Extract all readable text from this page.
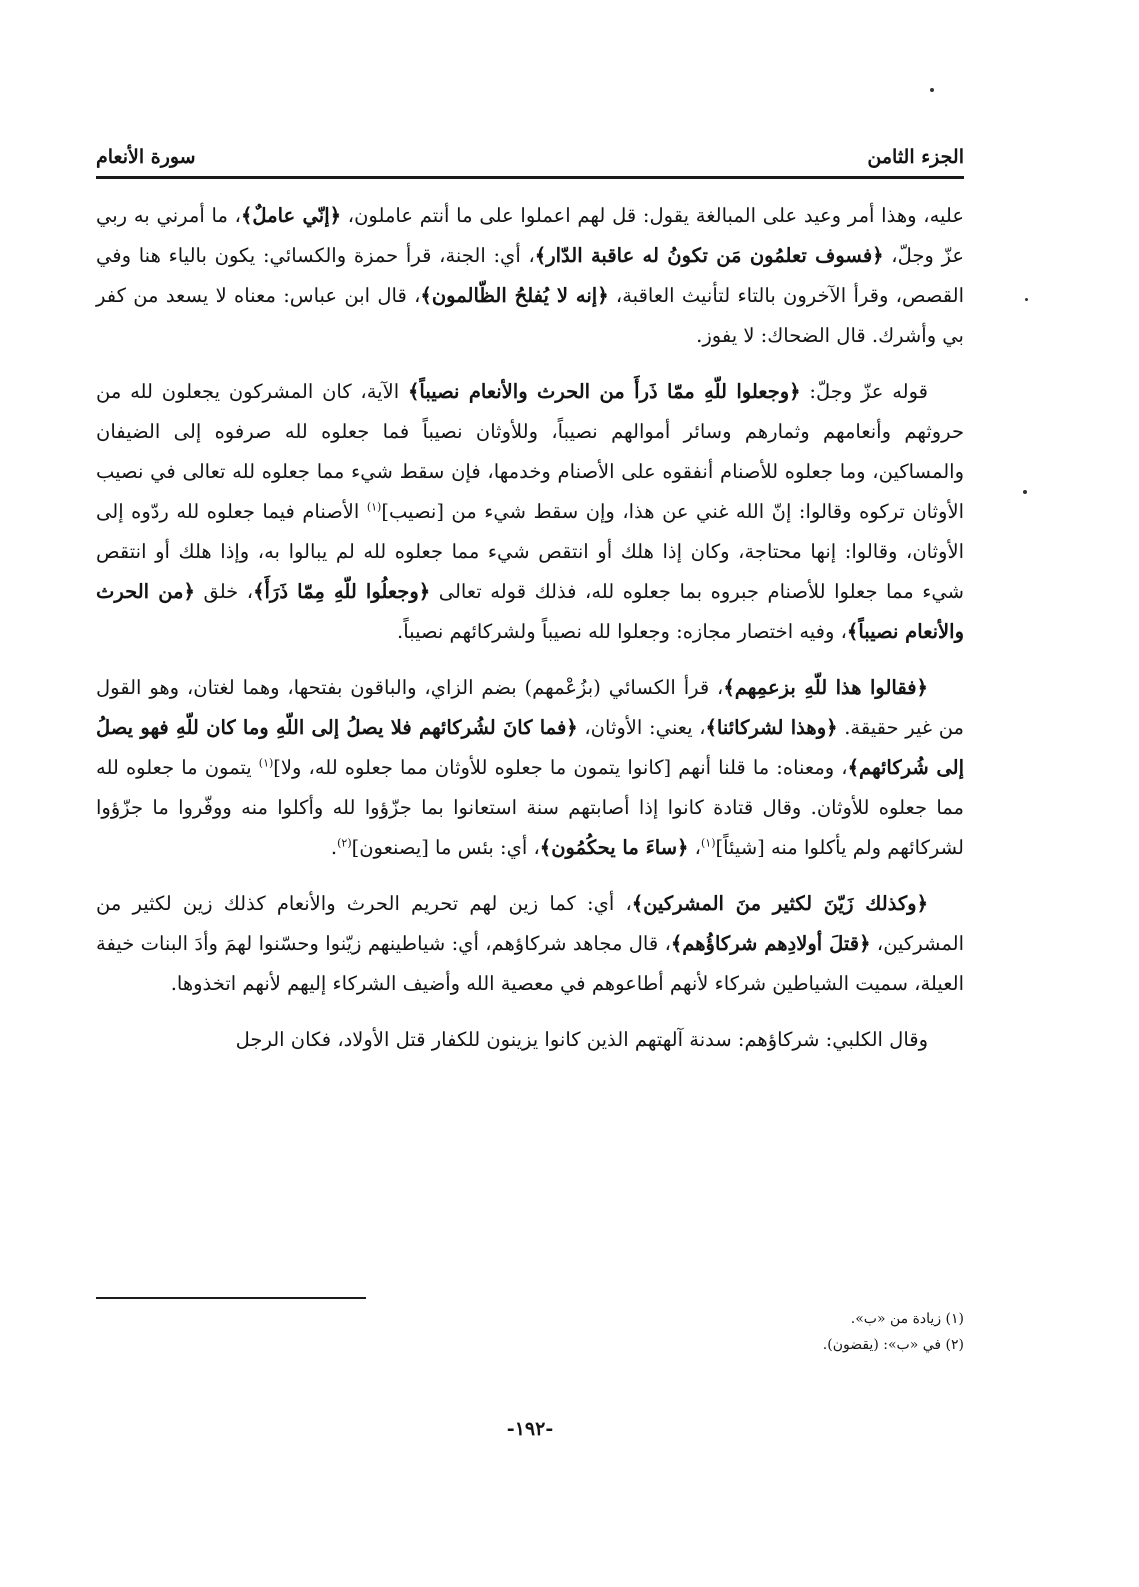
الجزء الثامن
سورة الأنعام

عليه، وهذا أمر وعيد على المبالغة يقول: قل لهم اعملوا على ما أنتم عاملون، ﴿إنّي عاملٌ﴾، ما أمرني به ربي عزّ وجلّ، ﴿فسوف تعلمُون مَن تكونُ له عاقبة الدّار﴾، أي: الجنة، قرأ حمزة والكسائي: يكون بالياء هنا وفي القصص، وقرأ الآخرون بالتاء لتأنيث العاقبة، ﴿إنه لا يُفلحُ الظّالمون﴾، قال ابن عباس: معناه لا يسعد من كفر بي وأشرك. قال الضحاك: لا يفوز.

قوله عزّ وجلّ: ﴿وجعلوا للّهِ ممّا ذَرأَ من الحرث والأنعام نصيباً﴾ الآية، كان المشركون يجعلون لله من حروثهم وأنعامهم وثمارهم وسائر أموالهم نصيباً، وللأوثان نصيباً فما جعلوه لله صرفوه إلى الضيفان والمساكين، وما جعلوه للأصنام أنفقوه على الأصنام وخدمها، فإن سقط شيء مما جعلوه لله تعالى في نصيب الأوثان تركوه وقالوا: إنّ الله غني عن هذا، وإن سقط شيء من [نصيب]$^{(١)}$ الأصنام فيما جعلوه لله ردّوه إلى الأوثان، وقالوا: إنها محتاجة، وكان إذا هلك أو انتقص شيء مما جعلوه لله لم يبالوا به، وإذا هلك أو انتقص شيء مما جعلوا للأصنام جبروه بما جعلوه لله، فذلك قوله تعالى ﴿وجعلُوا للّهِ مِمّا ذَرَأَ﴾، خلق ﴿من الحرث والأنعام نصيباً﴾، وفيه اختصار مجازه: وجعلوا لله نصيباً ولشركائهم نصيباً.

﴿فقالوا هذا للّهِ بزعمِهم﴾، قرأ الكسائي (بزُعْمهم) بضم الزاي، والباقون بفتحها، وهما لغتان، وهو القول من غير حقيقة. ﴿وهذا لشركائنا﴾، يعني: الأوثان، ﴿فما كانَ لشُركائهم فلا يصلُ إلى اللّهِ وما كان للّهِ فهو يصلُ إلى شُركائهم﴾، ومعناه: ما قلنا أنهم [كانوا يتمون ما جعلوه للأوثان مما جعلوه لله، ولا]$^{(١)}$ يتمون ما جعلوه لله مما جعلوه للأوثان. وقال قتادة كانوا إذا أصابتهم سنة استعانوا بما جزّؤوا لله وأكلوا منه ووفّروا ما جزّؤوا لشركائهم ولم يأكلوا منه [شيئاً]$^{(١)}$، ﴿ساءَ ما يحكُمُون﴾، أي: بئس ما [يصنعون]$^{(٢)}$.

﴿وكذلك زَيّنَ لكثير منَ المشركين﴾، أي: كما زين لهم تحريم الحرث والأنعام كذلك زين لكثير من المشركين، ﴿قتلَ أولادِهم شركاؤُهم﴾، قال مجاهد شركاؤهم، أي: شياطينهم زيّنوا وحسّنوا لهمَ وأدَ البنات خيفة العيلة، سميت الشياطين شركاء لأنهم أطاعوهم في معصية الله وأضيف الشركاء إليهم لأنهم اتخذوها.

وقال الكلبي: شركاؤهم: سدنة آلهتهم الذين كانوا يزينون للكفار قتل الأولاد، فكان الرجل

(١) زيادة من «ب».
(٢) في «ب»: (يقضون).
-١٩٢-
